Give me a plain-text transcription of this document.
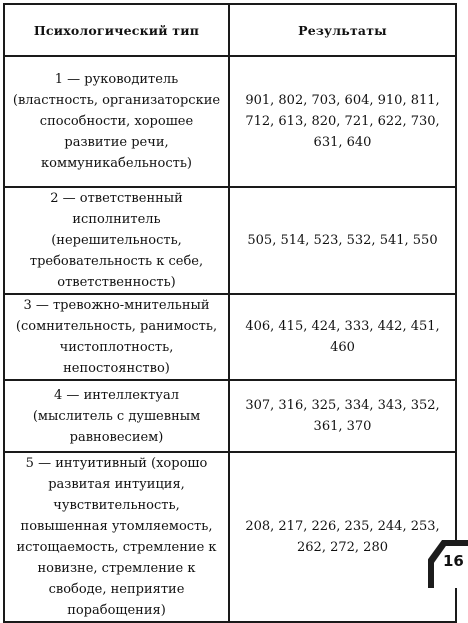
Психологический тип	Результаты
1 — руководитель (властность, организаторские способности, хорошее развитие речи, коммуникабельность)	901, 802, 703, 604, 910, 811, 712, 613, 820, 721, 622, 730, 631, 640
2 — ответственный исполнитель (нерешительность, требовательность к себе, ответственность)	505, 514, 523, 532, 541, 550
3 — тревожно-мнительный (сомнительность, ранимость, чистоплотность, непостоянство)	406, 415, 424, 333, 442, 451, 460
4 — интеллектуал (мыслитель с душевным равновесием)	307, 316, 325, 334, 343, 352, 361, 370
5 — интуитивный (хорошо развитая интуиция, чувствительность, повышенная утомляемость, истощаемость, стремление к новизне, стремление к свободе, неприятие порабощения)	208, 217, 226, 235, 244, 253, 262, 272, 280
16
